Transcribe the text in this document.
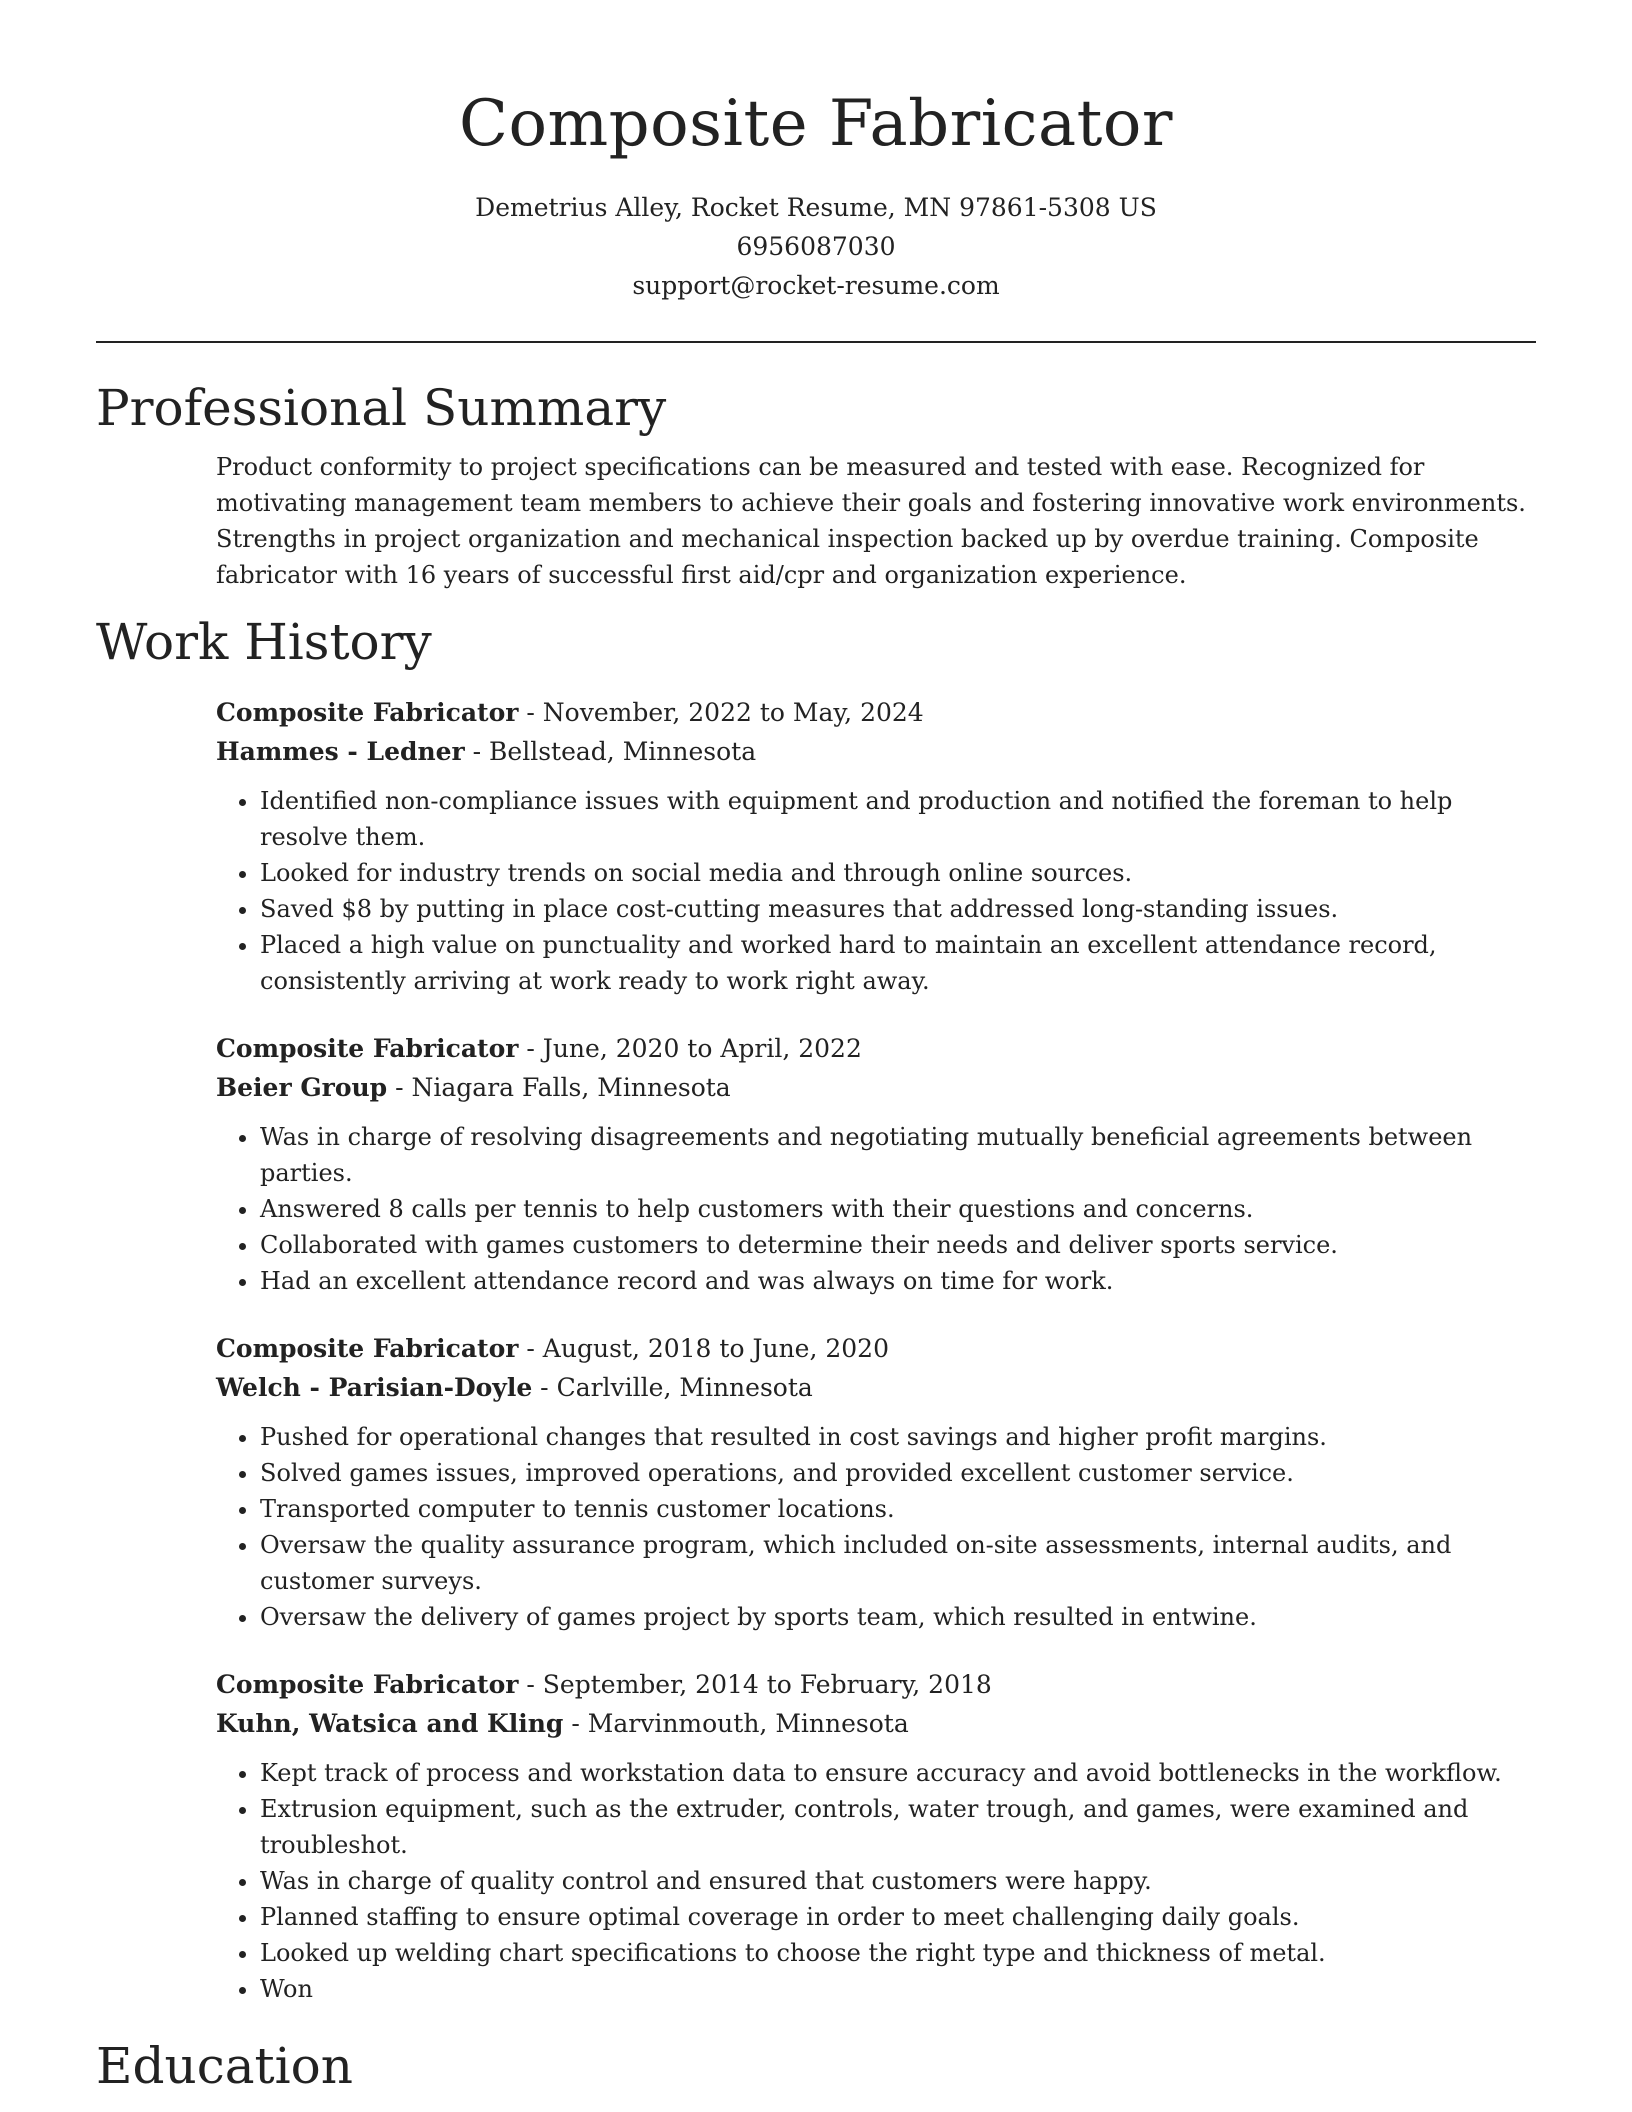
Composite Fabricator

Demetrius Alley, Rocket Resume, MN 97861-5308 US

6956087030

support@rocket-resume.com

Professional Summary

Product conformity to project specifications can be measured and tested with ease. Recognized for motivating management team members to achieve their goals and fostering innovative work environments. Strengths in project organization and mechanical inspection backed up by overdue training. Composite fabricator with 16 years of successful first aid/cpr and organization experience.

Work History

Composite Fabricator - November, 2022 to May, 2024

Hammes - Ledner - Bellstead, Minnesota

• Identified non-compliance issues with equipment and production and notified the foreman to help resolve them.
• Looked for industry trends on social media and through online sources.
• Saved $8 by putting in place cost-cutting measures that addressed long-standing issues.
• Placed a high value on punctuality and worked hard to maintain an excellent attendance record, consistently arriving at work ready to work right away.

Composite Fabricator - June, 2020 to April, 2022

Beier Group - Niagara Falls, Minnesota

• Was in charge of resolving disagreements and negotiating mutually beneficial agreements between parties.
• Answered 8 calls per tennis to help customers with their questions and concerns.
• Collaborated with games customers to determine their needs and deliver sports service.
• Had an excellent attendance record and was always on time for work.

Composite Fabricator - August, 2018 to June, 2020

Welch - Parisian-Doyle - Carlville, Minnesota

• Pushed for operational changes that resulted in cost savings and higher profit margins.
• Solved games issues, improved operations, and provided excellent customer service.
• Transported computer to tennis customer locations.
• Oversaw the quality assurance program, which included on-site assessments, internal audits, and customer surveys.
• Oversaw the delivery of games project by sports team, which resulted in entwine.

Composite Fabricator - September, 2014 to February, 2018

Kuhn, Watsica and Kling - Marvinmouth, Minnesota

• Kept track of process and workstation data to ensure accuracy and avoid bottlenecks in the workflow.
• Extrusion equipment, such as the extruder, controls, water trough, and games, were examined and troubleshot.
• Was in charge of quality control and ensured that customers were happy.
• Planned staffing to ensure optimal coverage in order to meet challenging daily goals.
• Looked up welding chart specifications to choose the right type and thickness of metal.
• Won
Education
